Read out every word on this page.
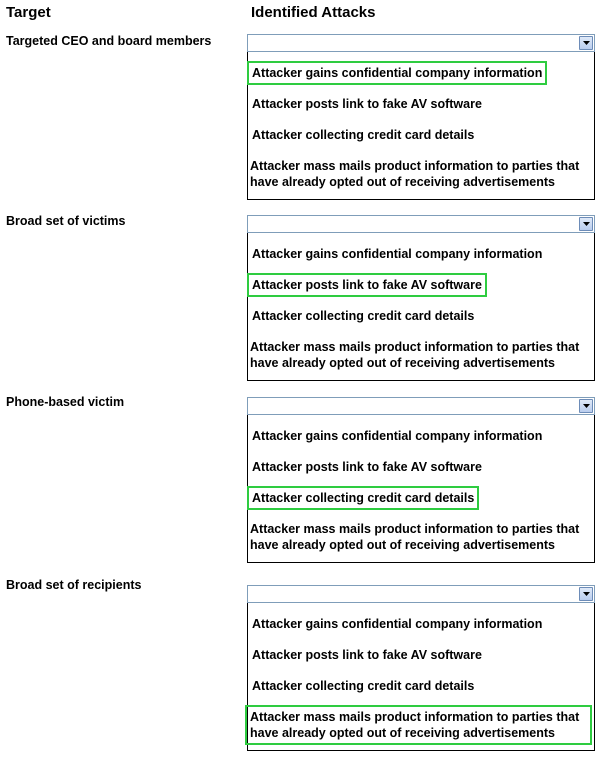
Target	Identified Attacks
Targeted CEO and board members
Attacker gains confidential company information
Attacker posts link to fake AV software
Attacker collecting credit card details
Attacker mass mails product information to parties that have already opted out of receiving advertisements
Broad set of victims
Attacker gains confidential company information
Attacker posts link to fake AV software
Attacker collecting credit card details
Attacker mass mails product information to parties that have already opted out of receiving advertisements
Phone-based victim
Attacker gains confidential company information
Attacker posts link to fake AV software
Attacker collecting credit card details
Attacker mass mails product information to parties that have already opted out of receiving advertisements
Broad set of recipients
Attacker gains confidential company information
Attacker posts link to fake AV software
Attacker collecting credit card details
Attacker mass mails product information to parties that have already opted out of receiving advertisements
